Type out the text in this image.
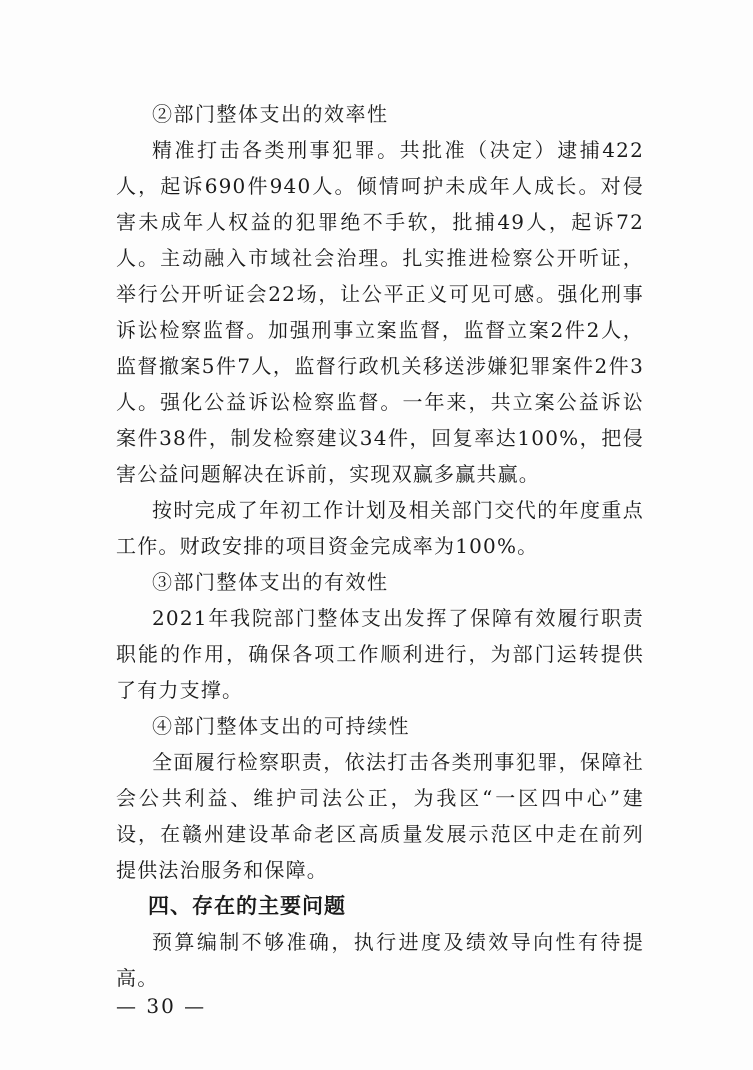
②部门整体支出的效率性

精准打击各类刑事犯罪。共批准（决定）逮捕422人，起诉690件940人。倾情呵护未成年人成长。对侵害未成年人权益的犯罪绝不手软，批捕49人，起诉72人。主动融入市域社会治理。扎实推进检察公开听证，举行公开听证会22场，让公平正义可见可感。强化刑事诉讼检察监督。加强刑事立案监督，监督立案2件2人，监督撤案5件7人，监督行政机关移送涉嫌犯罪案件2件3人。强化公益诉讼检察监督。一年来，共立案公益诉讼案件38件，制发检察建议34件，回复率达100%，把侵害公益问题解决在诉前，实现双赢多赢共赢。

按时完成了年初工作计划及相关部门交代的年度重点工作。财政安排的项目资金完成率为100%。

③部门整体支出的有效性

2021年我院部门整体支出发挥了保障有效履行职责职能的作用，确保各项工作顺利进行，为部门运转提供了有力支撑。

④部门整体支出的可持续性

全面履行检察职责，依法打击各类刑事犯罪，保障社会公共利益、维护司法公正，为我区“一区四中心”建设，在赣州建设革命老区高质量发展示范区中走在前列提供法治服务和保障。

四、存在的主要问题

预算编制不够准确，执行进度及绩效导向性有待提高。

— 30 —
